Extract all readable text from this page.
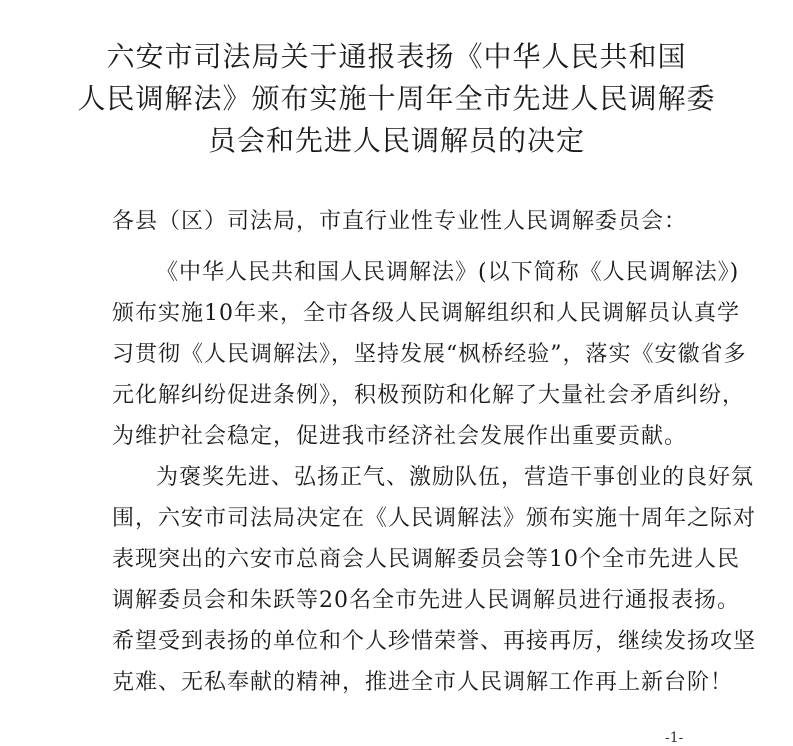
六安市司法局关于通报表扬《中华人民共和国
人民调解法》颁布实施十周年全市先进人民调解委
员会和先进人民调解员的决定
各县（区）司法局，市直行业性专业性人民调解委员会：
《中华人民共和国人民调解法》(以下简称《人民调解法》)
颁布实施10年来，全市各级人民调解组织和人民调解员认真学
习贯彻《人民调解法》，坚持发展“枫桥经验”，落实《安徽省多
元化解纠纷促进条例》，积极预防和化解了大量社会矛盾纠纷，
为维护社会稳定，促进我市经济社会发展作出重要贡献。
为褒奖先进、弘扬正气、激励队伍，营造干事创业的良好氛
围，六安市司法局决定在《人民调解法》颁布实施十周年之际对
表现突出的六安市总商会人民调解委员会等10个全市先进人民
调解委员会和朱跃等20名全市先进人民调解员进行通报表扬。
希望受到表扬的单位和个人珍惜荣誉、再接再厉，继续发扬攻坚
克难、无私奉献的精神，推进全市人民调解工作再上新台阶！
-1-
